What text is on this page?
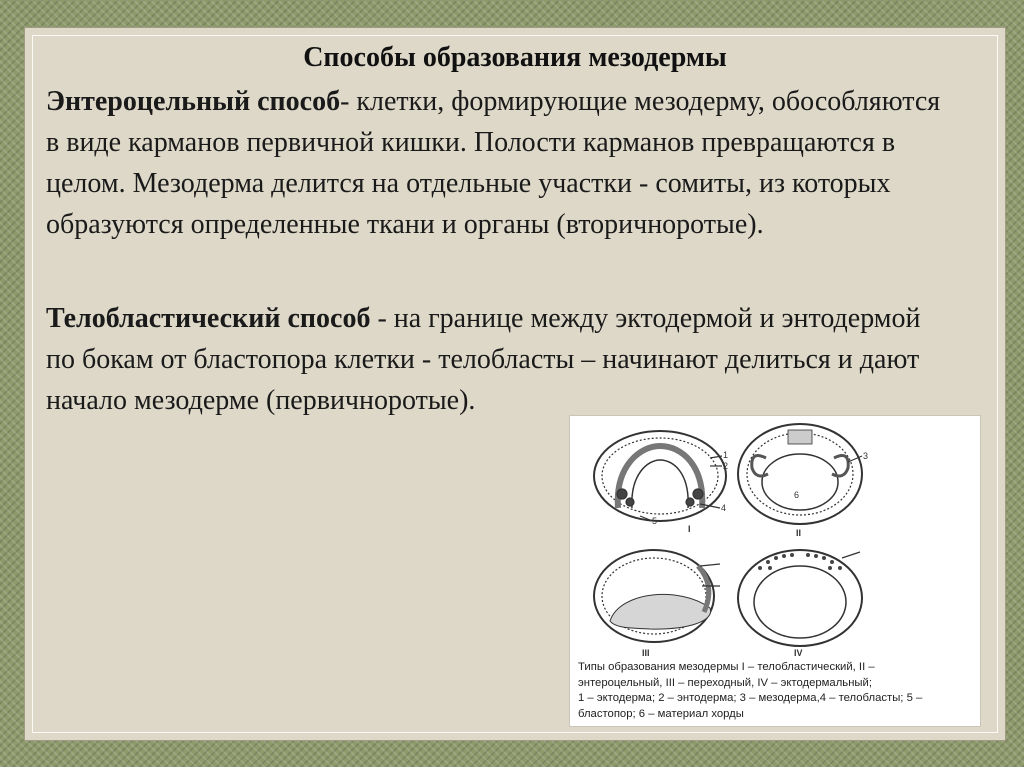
Способы образования мезодермы

Энтероцельный способ- клетки, формирующие мезодерму, обособляются в виде карманов первичной кишки. Полости карманов превращаются в целом. Мезодерма делится на отдельные участки - сомиты, из которых образуются определенные ткани и органы (вторичноротые).

Телобластический способ - на границе между эктодермой и энтодермой по бокам от бластопора клетки - телобласты – начинают делиться и дают начало мезодерме (первичноротые).

1
2
3
4
5
6
I	II
III	IV
Типы образования мезодермы I – телобластический, II –
энтероцельный, III – переходный, IV – эктодермальный;
1 – эктодерма; 2 – энтодерма; 3 – мезодерма,4 – телобласты; 5 –
бластопор; 6 – материал хорды
